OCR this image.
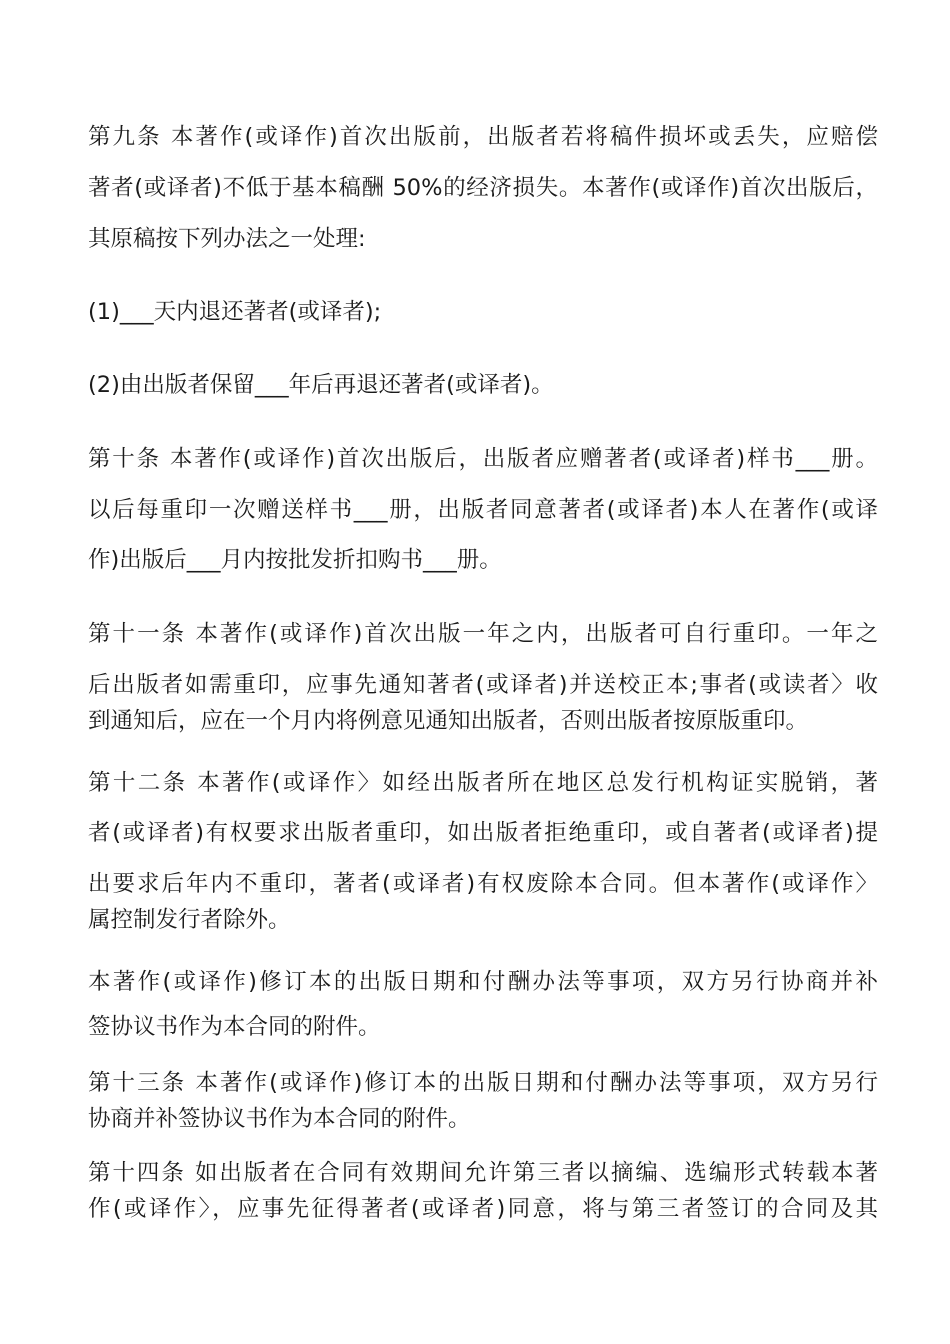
第九条 本著作(或译作)首次出版前，出版者若将稿件损坏或丢失，应赔偿

著者(或译者)不低于基本稿酬 50%的经济损失。本著作(或译作)首次出版后，

其原稿按下列办法之一处理:

(1)___天内退还著者(或译者);

(2)由出版者保留___年后再退还著者(或译者)。

第十条 本著作(或译作)首次出版后，出版者应赠著者(或译者)样书___册。

以后每重印一次赠送样书___册，出版者同意著者(或译者)本人在著作(或译

作)出版后___月内按批发折扣购书___册。

第十一条 本著作(或译作)首次出版一年之内，出版者可自行重印。一年之

后出版者如需重印，应事先通知著者(或译者)并送校正本;事者(或读者〉收

到通知后，应在一个月内将例意见通知出版者，否则出版者按原版重印。

第十二条 本著作(或译作〉如经出版者所在地区总发行机构证实脱销，著

者(或译者)有权要求出版者重印，如出版者拒绝重印，或自著者(或译者)提

出要求后年内不重印，著者(或译者)有权废除本合同。但本著作(或译作〉

属控制发行者除外。

本著作(或译作)修订本的出版日期和付酬办法等事项，双方另行协商并补

签协议书作为本合同的附件。

第十三条 本著作(或译作)修订本的出版日期和付酬办法等事项，双方另行

协商并补签协议书作为本合同的附件。

第十四条 如出版者在合同有效期间允许第三者以摘编、选编形式转载本著

作(或译作〉，应事先征得著者(或译者)同意，将与第三者签订的合同及其
